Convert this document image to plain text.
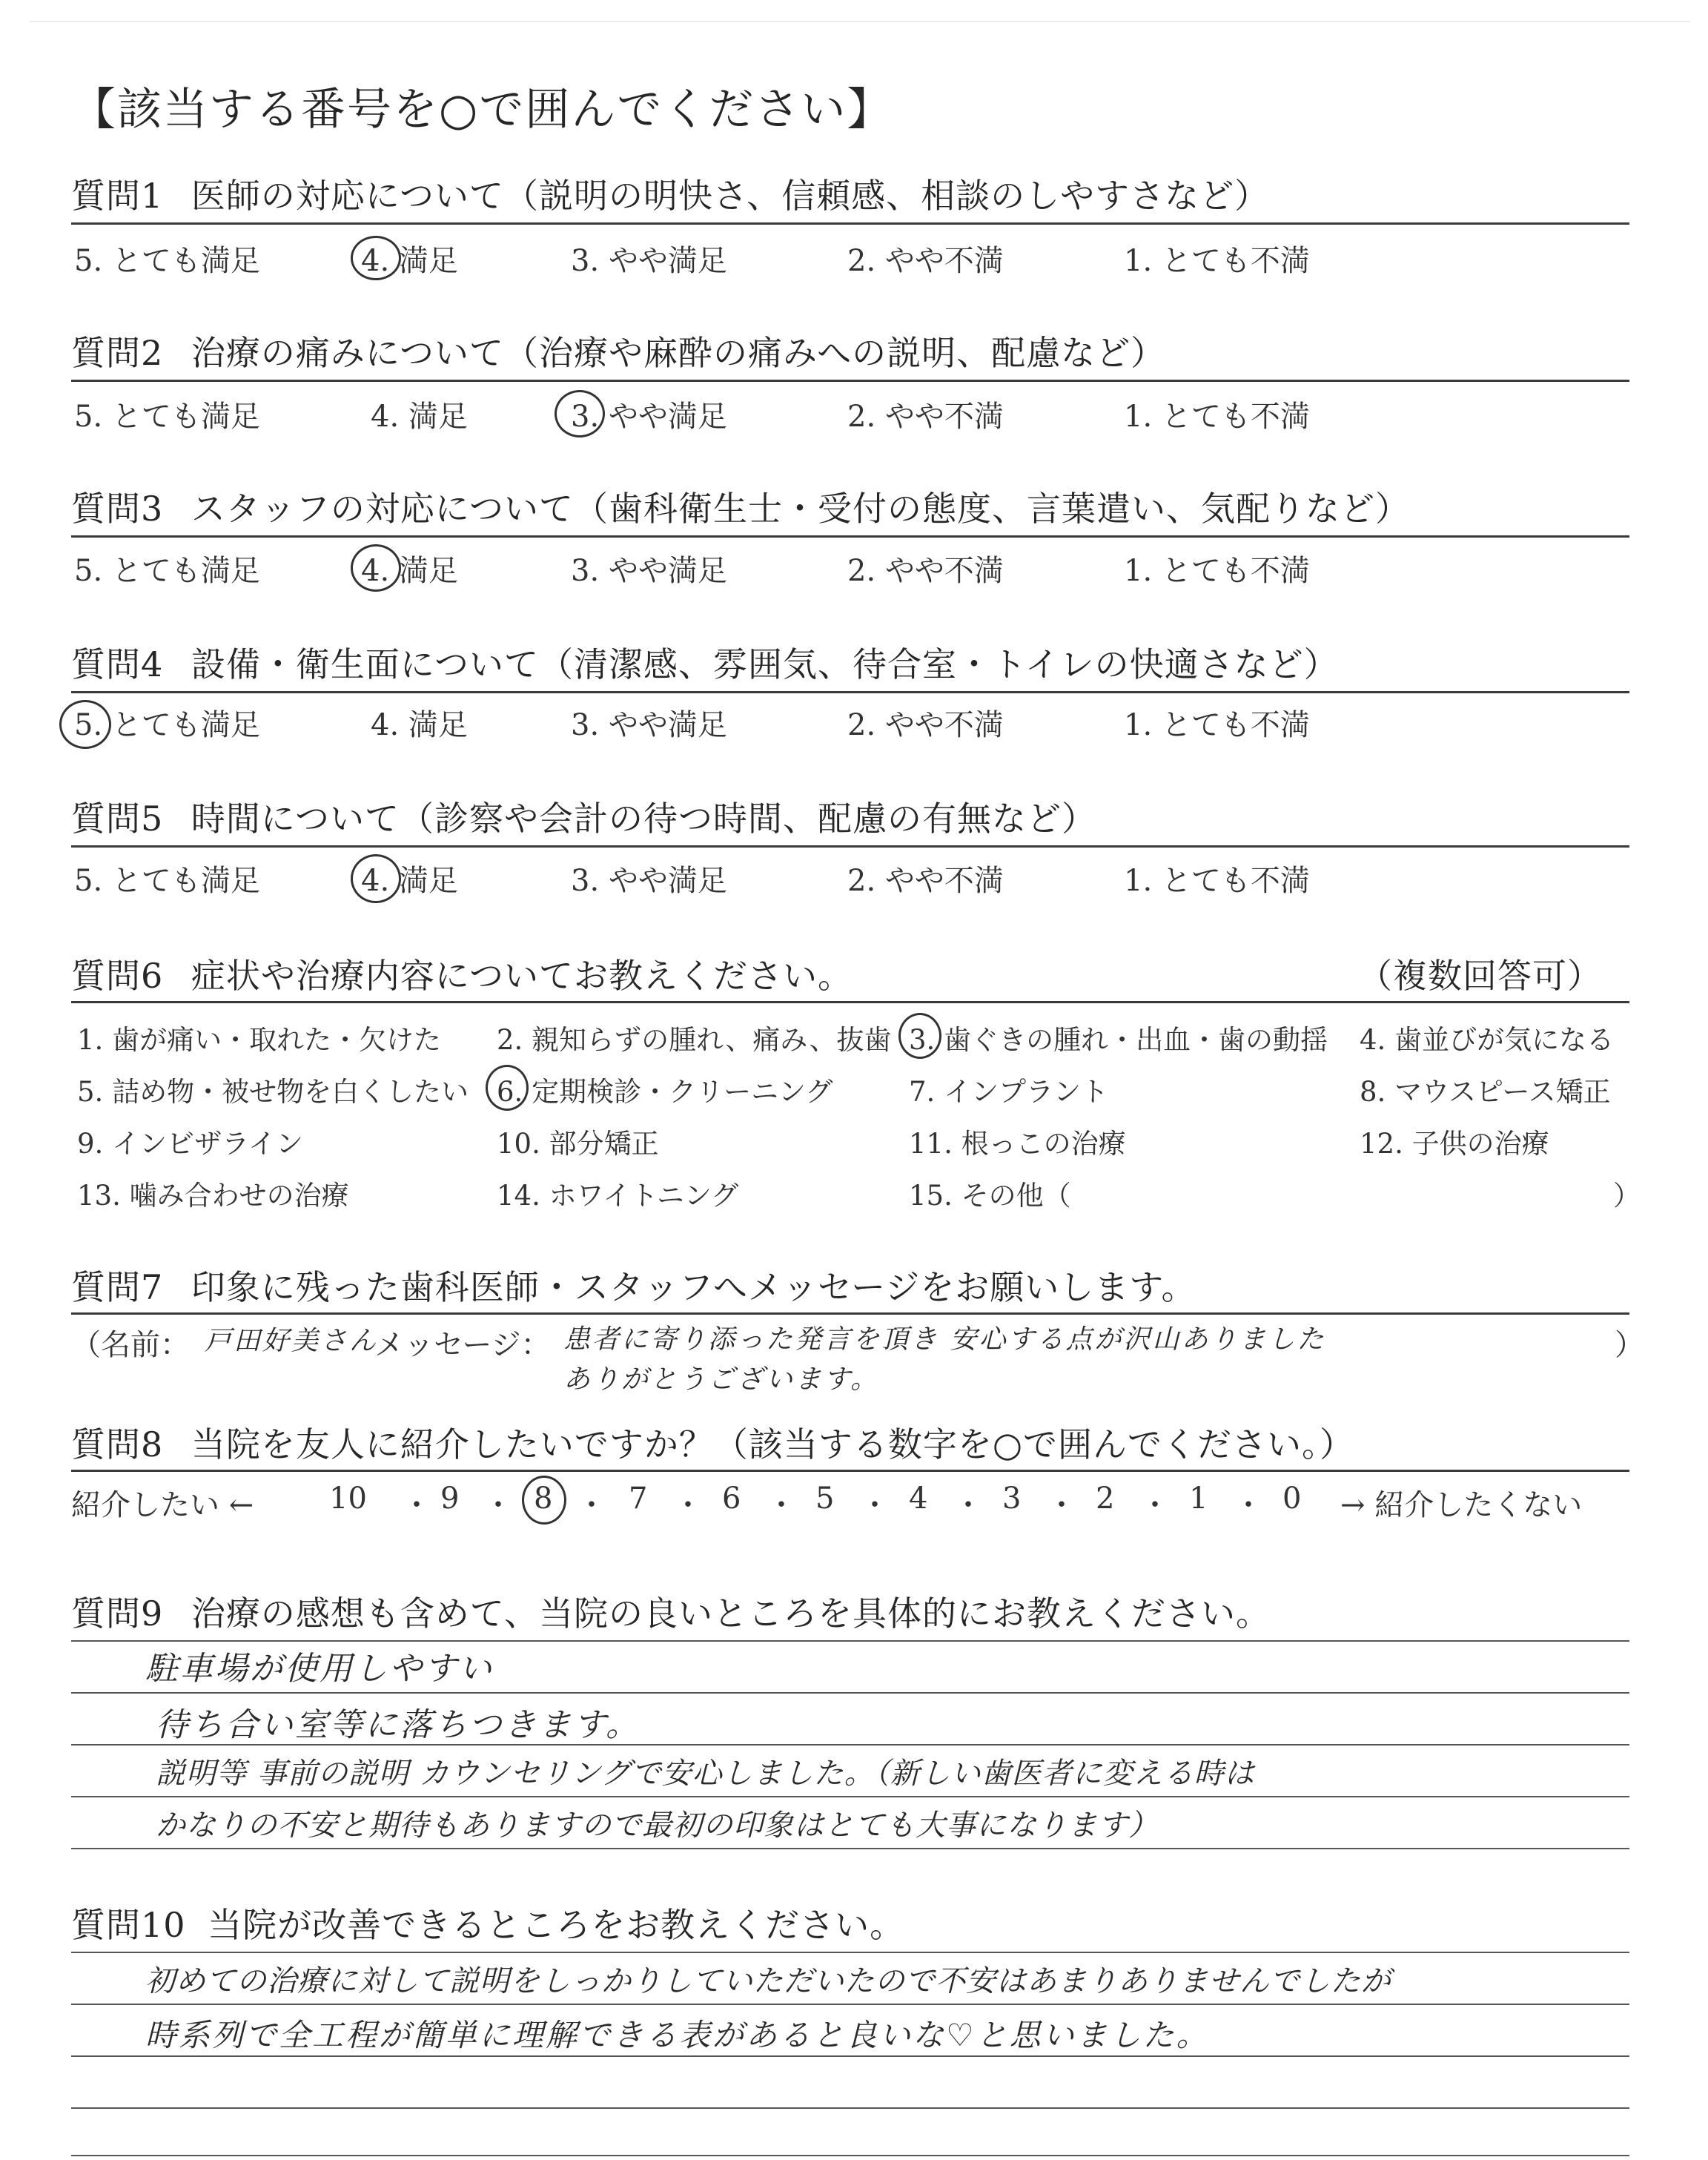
【該当する番号を○で囲んでください】
質問1 医師の対応について（説明の明快さ、信頼感、相談のしやすさなど）
5. とても満足	4. 満足	3. やや満足	2. やや不満	1. とても不満
質問2 治療の痛みについて（治療や麻酔の痛みへの説明、配慮など）
5. とても満足	4. 満足	3. やや満足	2. やや不満	1. とても不満
質問3 スタッフの対応について（歯科衛生士・受付の態度、言葉遣い、気配りなど）
5. とても満足	4. 満足	3. やや満足	2. やや不満	1. とても不満
質問4 設備・衛生面について（清潔感、雰囲気、待合室・トイレの快適さなど）
5. とても満足	4. 満足	3. やや満足	2. やや不満	1. とても不満
質問5 時間について（診察や会計の待つ時間、配慮の有無など）
5. とても満足	4. 満足	3. やや満足	2. やや不満	1. とても不満
質問6 症状や治療内容についてお教えください。	（複数回答可）
1. 歯が痛い・取れた・欠けた 2. 親知らずの腫れ、痛み、抜歯 3. 歯ぐきの腫れ・出血・歯の動揺 4. 歯並びが気になる
5. 詰め物・被せ物を白くしたい 6. 定期検診・クリーニング	7. インプラント	8. マウスピース矯正
9. インビザライン	10. 部分矯正	11. 根っこの治療	12. 子供の治療
13. 噛み合わせの治療	14. ホワイトニング	15. その他（	）
質問7 印象に残った歯科医師・スタッフへメッセージをお願いします。
（名前： 戸田好美さん
メッセージ： 患者に寄り添った発言を頂き 安心する点が沢山ありました
ありがとうございます。
）
質問8 当院を友人に紹介したいですか？（該当する数字を○で囲んでください。）
紹介したい ←	10 ・ 9 ・ 8 ・ 7 ・ 6 ・ 5 ・ 4 ・ 3 ・ 2 ・ 1 ・ 0 → 紹介したくない
質問9 治療の感想も含めて、当院の良いところを具体的にお教えください。
駐車場が使用しやすい
待ち合い室等に落ちつきます。
説明等 事前の説明 カウンセリングで安心しました。（新しい歯医者に変える時は
かなりの不安と期待もありますので最初の印象はとても大事になります）
質問10 当院が改善できるところをお教えください。
初めての治療に対して説明をしっかりしていただいたので不安はあまりありませんでしたが
時系列で全工程が簡単に理解できる表があると良いな♡と思いました。
